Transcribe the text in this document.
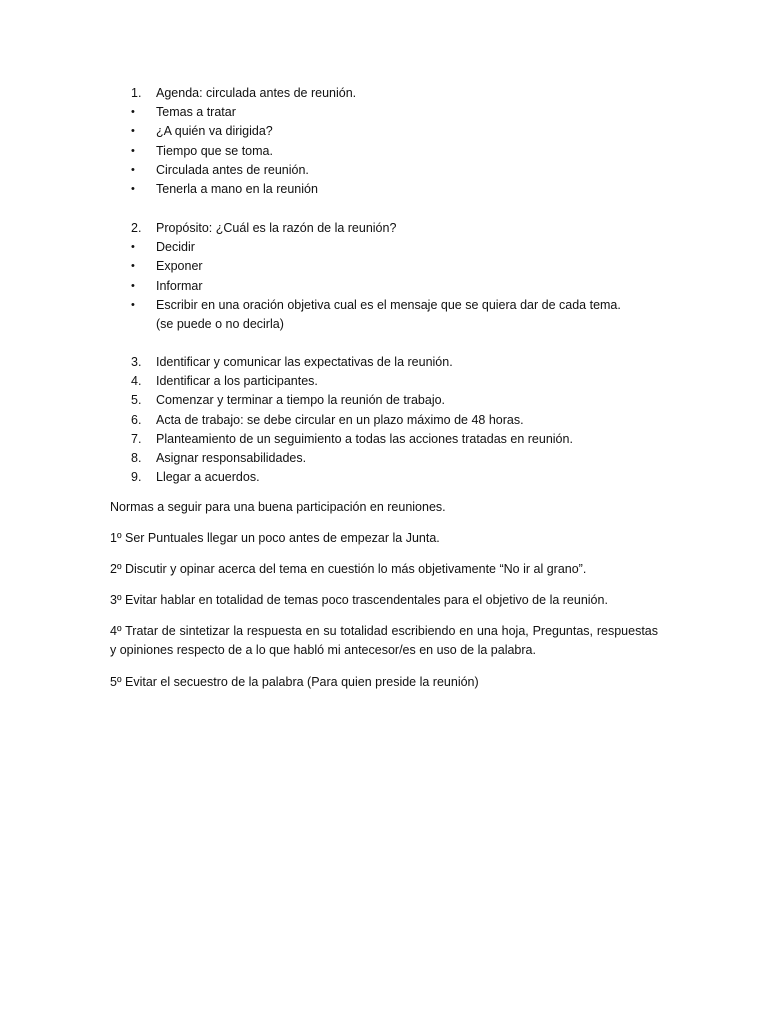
1.	Agenda: circulada antes de reunión.
•	Temas a tratar
•	¿A quién va dirigida?
•	Tiempo que se toma.
•	Circulada antes de reunión.
•	Tenerla a mano en la reunión
2.	Propósito: ¿Cuál es la razón de la reunión?
•	Decidir
•	Exponer
•	Informar
•	Escribir en una oración objetiva cual es el mensaje que se quiera dar de cada tema.
(se puede o no decirla)
3.	Identificar y comunicar las expectativas de la reunión.
4.	Identificar a los participantes.
5.	Comenzar y terminar a tiempo la reunión de trabajo.
6.	Acta de trabajo: se debe circular en un plazo máximo de 48 horas.
7.	Planteamiento de un seguimiento a todas las acciones tratadas en reunión.
8.	Asignar responsabilidades.
9.	Llegar a acuerdos.
Normas a seguir para una buena participación en reuniones.
1º Ser Puntuales llegar un poco antes de empezar la Junta.
2º Discutir y opinar acerca del tema en cuestión lo más objetivamente “No ir al grano”.
3º Evitar hablar en totalidad de temas poco trascendentales para el objetivo de la reunión.
4º Tratar de sintetizar la respuesta en su totalidad escribiendo en una hoja, Preguntas, respuestas y opiniones respecto de a lo que habló mi antecesor/es en uso de la palabra.
5º Evitar el secuestro de la palabra (Para quien preside la reunión)
